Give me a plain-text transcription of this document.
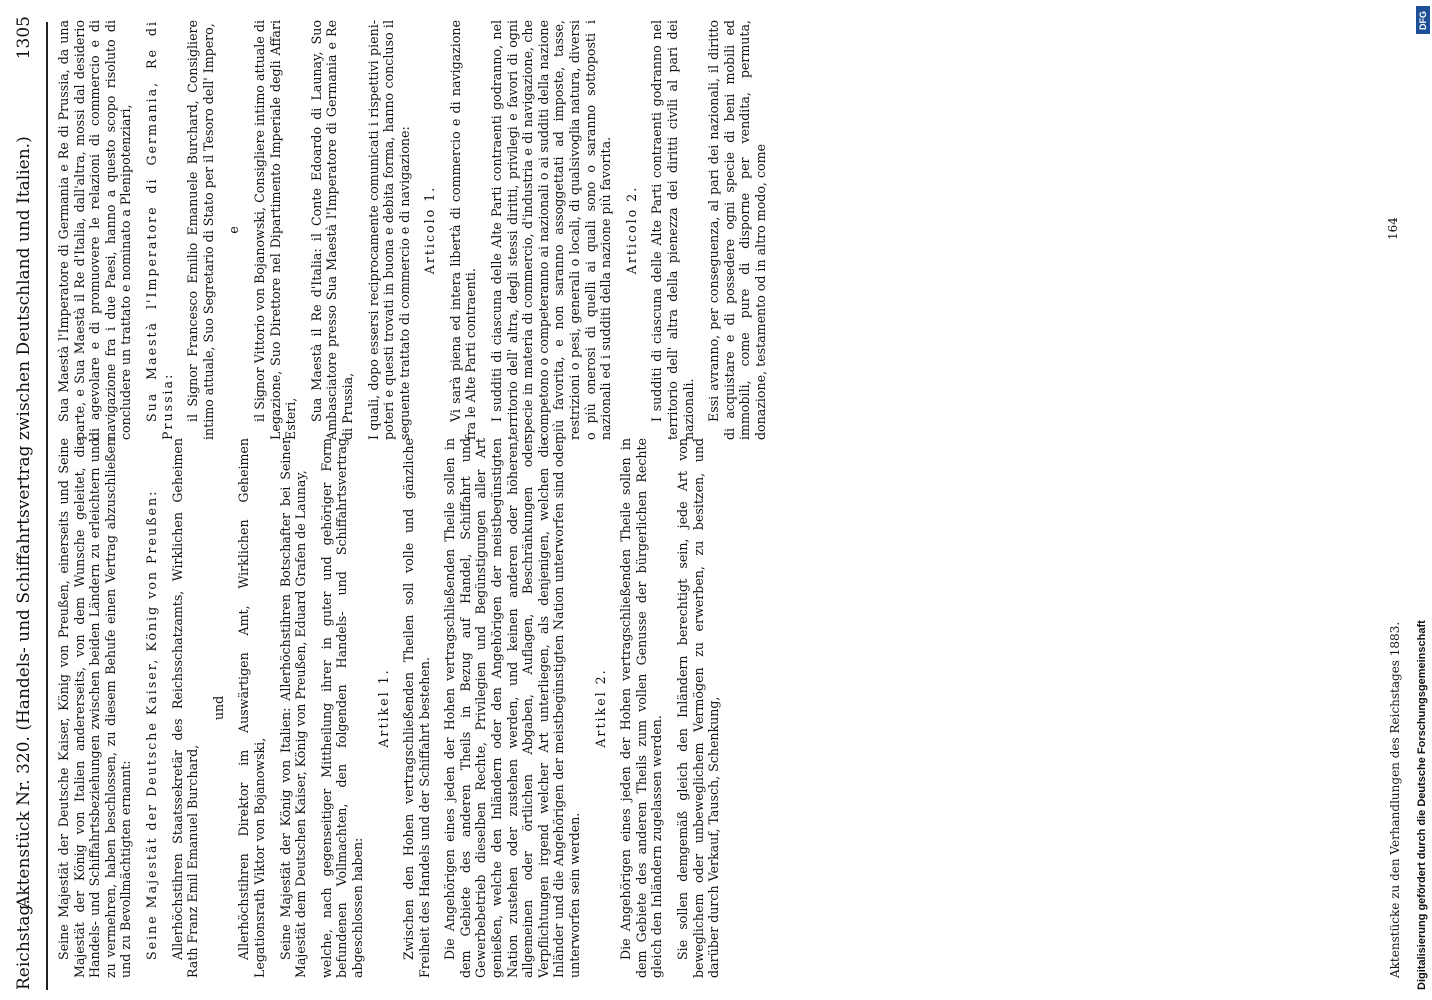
Reichstag.
Aktenstück Nr. 320. (Handels- und Schiffahrtsvertrag zwischen Deutschland und Italien.)
1305

Seine Majestät der Deutsche Kaiser, König von Preußen, einerseits und Seine Majestät der König von Italien andererseits, von dem Wunsche geleitet, die Handels- und Schiffahrtsbeziehungen zwischen beiden Ländern zu erleichtern und zu vermehren, haben beschlossen, zu diesem Behufe einen Vertrag abzuschließen und zu Bevollmächtigten ernannt: Seine Majestät der Deutsche Kaiser, König von Preußen: Allerhöchstihren Staatssekretär des Reichsschatzamts, Wirklichen Geheimen Rath Franz Emil Emanuel Burchard,

und Allerhöchstihren Direktor im Auswärtigen Amt, Wirklichen Geheimen Legationsrath Viktor von Bojanowski, Seine Majestät der König von Italien: Allerhöchstihren Botschafter bei Seiner Majestät dem Deutschen Kaiser, König von Preußen, Eduard Grafen de Launay, welche, nach gegenseitiger Mittheilung ihrer in guter und gehöriger Form befundenen Vollmachten, den folgenden Handels- und Schiffahrtsvertrag abgeschlossen haben:

Artikel 1. Zwischen den Hohen vertragschließenden Theilen soll volle und gänzliche Freiheit des Handels und der Schiffahrt bestehen. Die Angehörigen eines jeden der Hohen vertragschließenden Theile sollen in dem Gebiete des anderen Theils in Bezug auf Handel, Schiffahrt und Gewerbebetrieb dieselben Rechte, Privilegien und Begünstigungen aller Art genießen, welche den Inländern oder den Angehörigen der meistbegünstigten Nation zustehen oder zustehen werden, und keinen anderen oder höheren, allgemeinen oder örtlichen Abgaben, Auflagen, Beschränkungen oder Verpflichtungen irgend welcher Art unterliegen, als denjenigen, welchen die Inländer und die Angehörigen der meistbegünstigten Nation unterworfen sind oder unterworfen sein werden.

Artikel 2. Die Angehörigen eines jeden der Hohen vertragschließenden Theile sollen in dem Gebiete des anderen Theils zum vollen Genusse der bürgerlichen Rechte gleich den Inländern zugelassen werden. Sie sollen demgemäß gleich den Inländern berechtigt sein, jede Art von beweglichem oder unbeweglichem Vermögen zu erwerben, zu besitzen, und darüber durch Verkauf, Tausch, Schenkung,

Sua Maestà l'Imperatore di Germania e Re di Prussia, da una parte, e Sua Maestà il Re d'Italia, dall'altra, mossi dal desiderio di agevolare e di promuovere le relazioni di commercio e di navigazione fra i due Paesi, hanno a questo scopo risoluto di concludere un trattato e nominato a Plenipotenziari, Sua Maestà l'Imperatore di Germania, Re di Prussia: il Signor Francesco Emilio Emanuele Burchard, Consigliere intimo attuale, Suo Segretario di Stato per il Tesoro dell' Impero, e il Signor Vittorio von Bojanowski, Consigliere intimo attuale di Legazione, Suo Direttore nel Dipartimento Imperiale degli Affari Esteri, Sua Maestà il Re d'Italia: il Conte Edoardo di Launay, Suo Ambasciatore presso Sua Maestà l'Imperatore di Germania e Re di Prussia, I quali, dopo essersi reciprocamente comunicati i rispettivi pieni-poteri e questi trovati in buona e debita forma, hanno concluso il seguente trattato di commercio e di navigazione: Articolo 1. Vi sarà piena ed intera libertà di commercio e di navigazione fra le Alte Parti contraenti. I sudditi di ciascuna delle Alte Parti contraenti godranno, nel territorio dell' altra, degli stessi diritti, privilegi e favori di ogni specie in materia di commercio, d'industria e di navigazione, che competono o competeranno ai nazionali o ai sudditi della nazione più favorita, e non saranno assoggettati ad imposte, tasse, restrizioni o pesi, generali o locali, di qualsivoglia natura, diversi o più onerosi di quelli ai quali sono o saranno sottoposti i nazionali ed i sudditi della nazione più favorita. Articolo 2. I sudditi di ciascuna delle Alte Parti contraenti godranno nel territorio dell' altra della pienezza dei diritti civili al pari dei nazionali. Essi avranno, per conseguenza, al pari dei nazionali, il diritto di acquistare e di possedere ogni specie di beni mobili ed immobili, come pure di disporne per vendita, permuta, donazione, testamento od in altro modo, come

Aktenstücke zu den Verhandlungen des Reichstages 1883.
164
Digitalisierung gefördert durch die Deutsche Forschungsgemeinschaft
DFG
